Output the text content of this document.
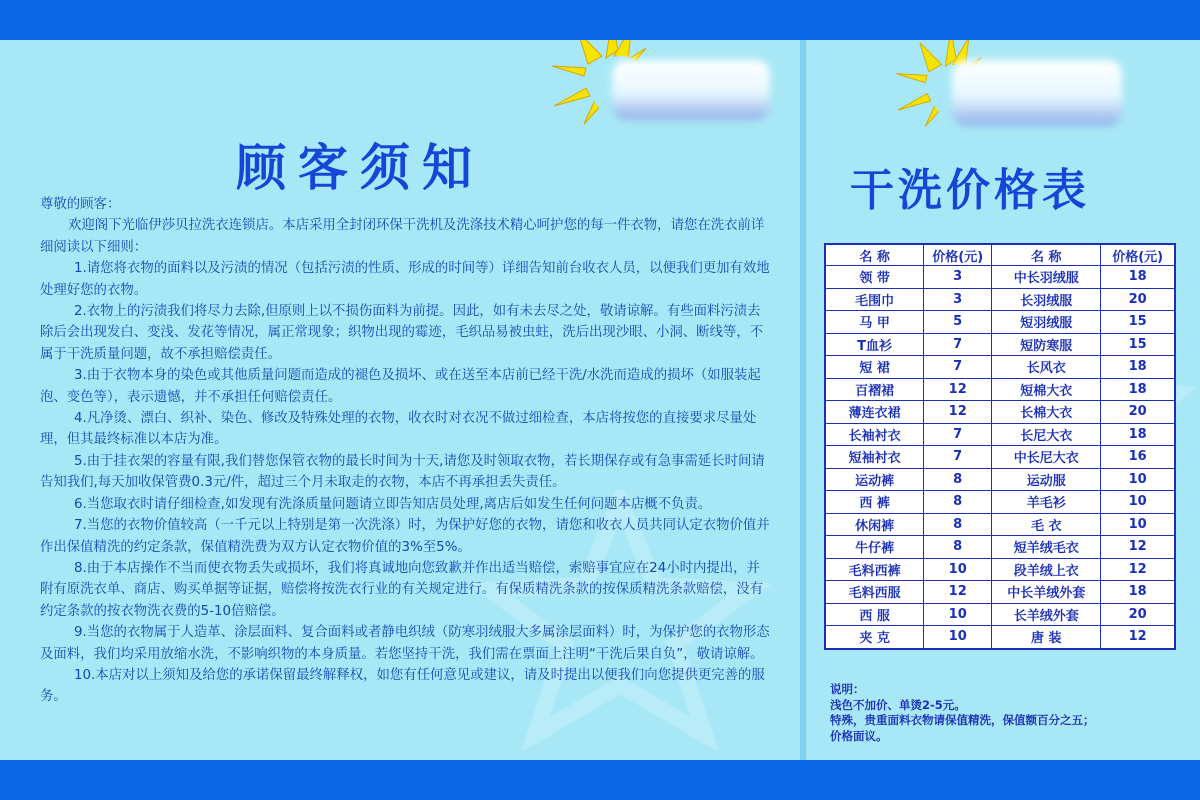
顾客须知

尊敬的顾客：

欢迎阁下光临伊莎贝拉洗衣连锁店。本店采用全封闭环保干洗机及洗涤技术精心呵护您的每一件衣物，请您在洗衣前详细阅读以下细则：

1.请您将衣物的面料以及污渍的情况（包括污渍的性质、形成的时间等）详细告知前台收衣人员，以便我们更加有效地处理好您的衣物。

2.衣物上的污渍我们将尽力去除,但原则上以不损伤面料为前提。因此，如有未去尽之处，敬请谅解。有些面料污渍去除后会出现发白、变浅、发花等情况，属正常现象；织物出现的霉迹，毛织品易被虫蛀，洗后出现沙眼、小洞、断线等，不属于干洗质量问题，故不承担赔偿责任。

3.由于衣物本身的染色或其他质量问题而造成的褪色及损坏、或在送至本店前已经干洗/水洗而造成的损坏（如服装起泡、变色等），表示遗憾，并不承担任何赔偿责任。

4.凡净烫、漂白、织补、染色、修改及特殊处理的衣物，收衣时对衣况不做过细检查，本店将按您的直接要求尽量处理，但其最终标准以本店为准。

5.由于挂衣架的容量有限,我们替您保管衣物的最长时间为十天,请您及时领取衣物，若长期保存或有急事需延长时间请告知我们,每天加收保管费0.3元/件，超过三个月未取走的衣物，本店不再承担丢失责任。

6.当您取衣时请仔细检查,如发现有洗涤质量问题请立即告知店员处理,离店后如发生任何问题本店概不负责。

7.当您的衣物价值较高（一千元以上特别是第一次洗涤）时，为保护好您的衣物，请您和收衣人员共同认定衣物价值并作出保值精洗的约定条款，保值精洗费为双方认定衣物价值的3%至5%。

8.由于本店操作不当而使衣物丢失或损坏，我们将真诚地向您致歉并作出适当赔偿，索赔事宜应在24小时内提出，并附有原洗衣单、商店、购买单据等证据，赔偿将按洗衣行业的有关规定进行。有保质精洗条款的按保质精洗条款赔偿，没有约定条款的按衣物洗衣费的5-10倍赔偿。

9.当您的衣物属于人造革、涂层面料、复合面料或者静电织绒（防寒羽绒服大多属涂层面料）时，为保护您的衣物形态及面料，我们均采用放缩水洗，不影响织物的本身质量。若您坚持干洗，我们需在票面上注明“干洗后果自负”，敬请谅解。

10.本店对以上须知及给您的承诺保留最终解释权，如您有任何意见或建议，请及时提出以便我们向您提供更完善的服务。

干洗价格表
名 称	价格(元)	名 称	价格(元)
领 带	3	中长羽绒服	18
毛围巾	3	长羽绒服	20
马 甲	5	短羽绒服	15
T血衫	7	短防寒服	15
短 裙	7	长风衣	18
百褶裙	12	短棉大衣	18
薄连衣裙	12	长棉大衣	20
长袖衬衣	7	长尼大衣	18
短袖衬衣	7	中长尼大衣	16
运动裤	8	运动服	10
西 裤	8	羊毛衫	10
休闲裤	8	毛 衣	10
牛仔裤	8	短羊绒毛衣	12
毛料西裤	10	段羊绒上衣	12
毛料西服	12	中长羊绒外套	18
西 服	10	长羊绒外套	20
夹 克	10	唐 装	12

说明：

浅色不加价、单烫2-5元。

特殊，贵重面料衣物请保值精洗，保值额百分之五；

价格面议。
